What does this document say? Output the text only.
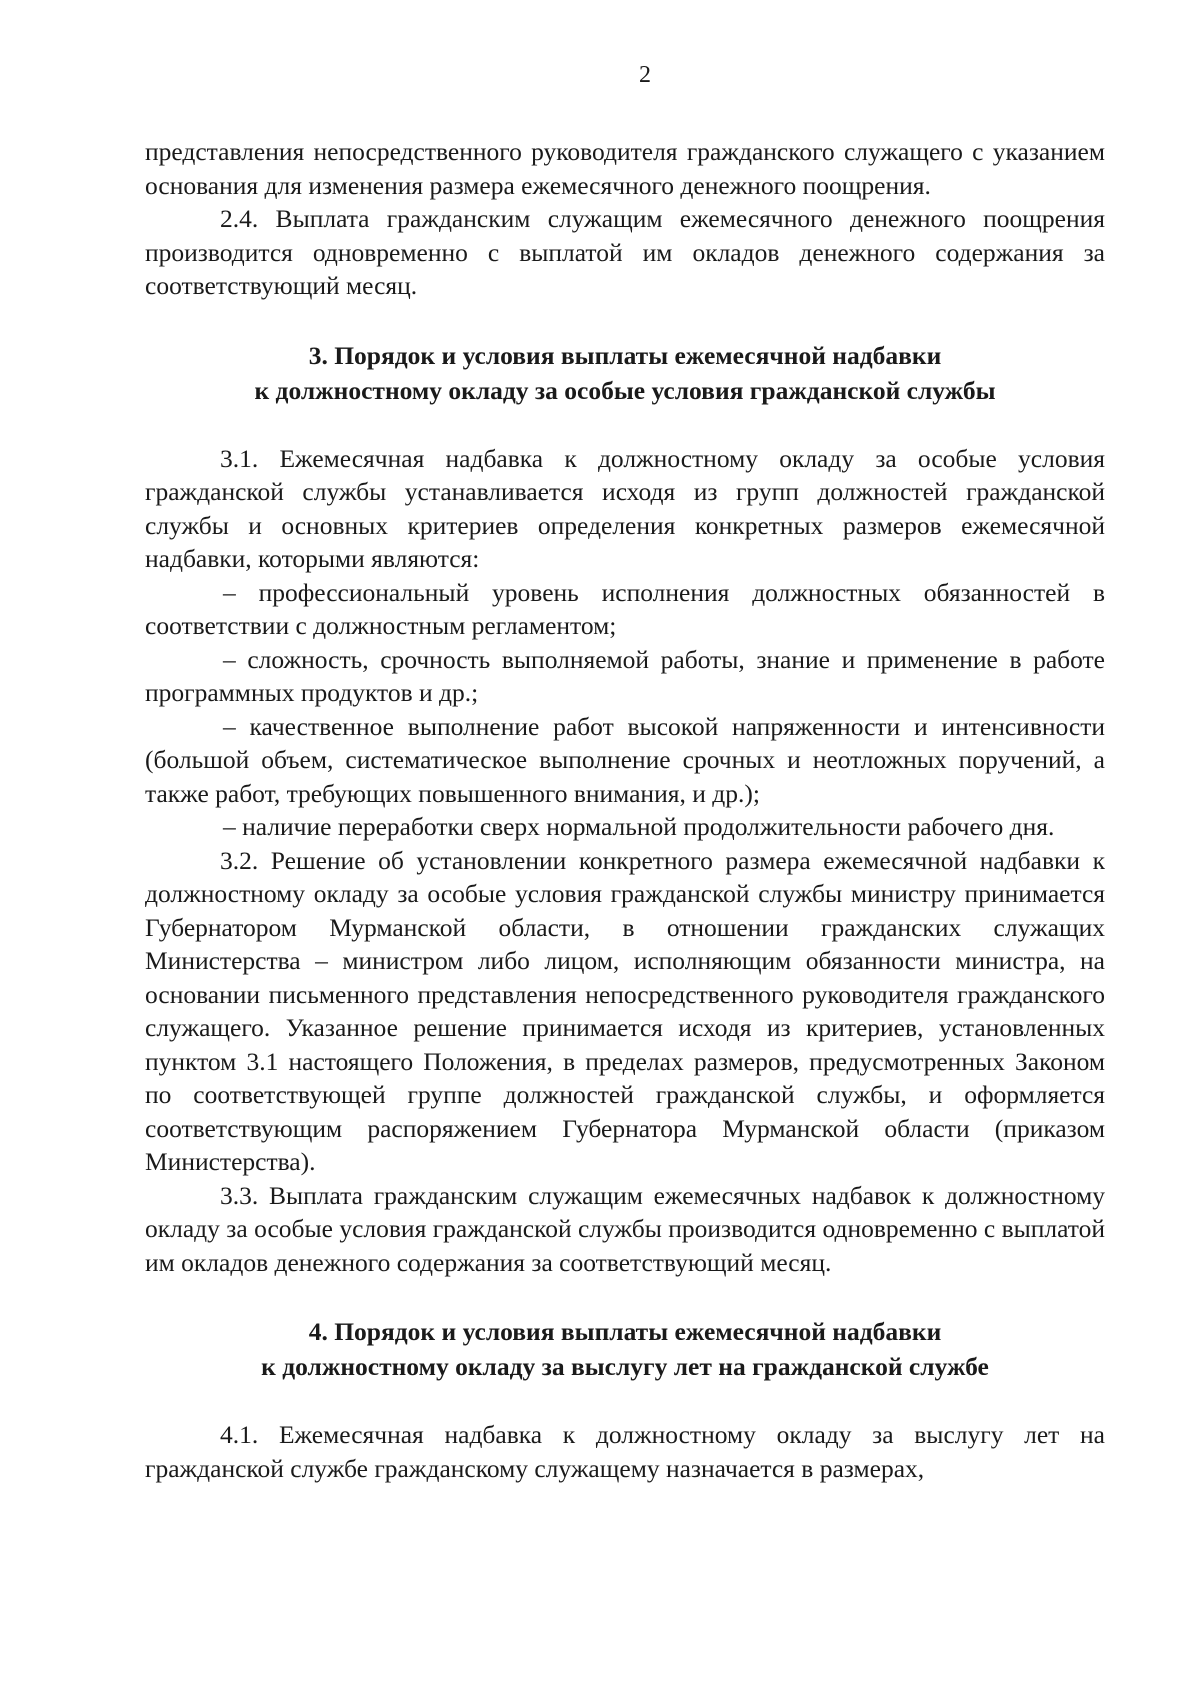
2

представления непосредственного руководителя гражданского служащего с указанием основания для изменения размера ежемесячного денежного поощрения.

2.4. Выплата гражданским служащим ежемесячного денежного поощрения производится одновременно с выплатой им окладов денежного содержания за соответствующий месяц.

3. Порядок и условия выплаты ежемесячной надбавки
к должностному окладу за особые условия гражданской службы

3.1. Ежемесячная надбавка к должностному окладу за особые условия гражданской службы устанавливается исходя из групп должностей гражданской службы и основных критериев определения конкретных размеров ежемесячной надбавки, которыми являются:

– профессиональный уровень исполнения должностных обязанностей в соответствии с должностным регламентом;

– сложность, срочность выполняемой работы, знание и применение в работе программных продуктов и др.;

– качественное выполнение работ высокой напряженности и интенсивности (большой объем, систематическое выполнение срочных и неотложных поручений, а также работ, требующих повышенного внимания, и др.);

– наличие переработки сверх нормальной продолжительности рабочего дня.

3.2. Решение об установлении конкретного размера ежемесячной надбавки к должностному окладу за особые условия гражданской службы министру принимается Губернатором Мурманской области, в отношении гражданских служащих Министерства – министром либо лицом, исполняющим обязанности министра, на основании письменного представления непосредственного руководителя гражданского служащего. Указанное решение принимается исходя из критериев, установленных пунктом 3.1 настоящего Положения, в пределах размеров, предусмотренных Законом по соответствующей группе должностей гражданской службы, и оформляется соответствующим распоряжением Губернатора Мурманской области (приказом Министерства).

3.3. Выплата гражданским служащим ежемесячных надбавок к должностному окладу за особые условия гражданской службы производится одновременно с выплатой им окладов денежного содержания за соответствующий месяц.

4. Порядок и условия выплаты ежемесячной надбавки
к должностному окладу за выслугу лет на гражданской службе

4.1. Ежемесячная надбавка к должностному окладу за выслугу лет на гражданской службе гражданскому служащему назначается в размерах,
